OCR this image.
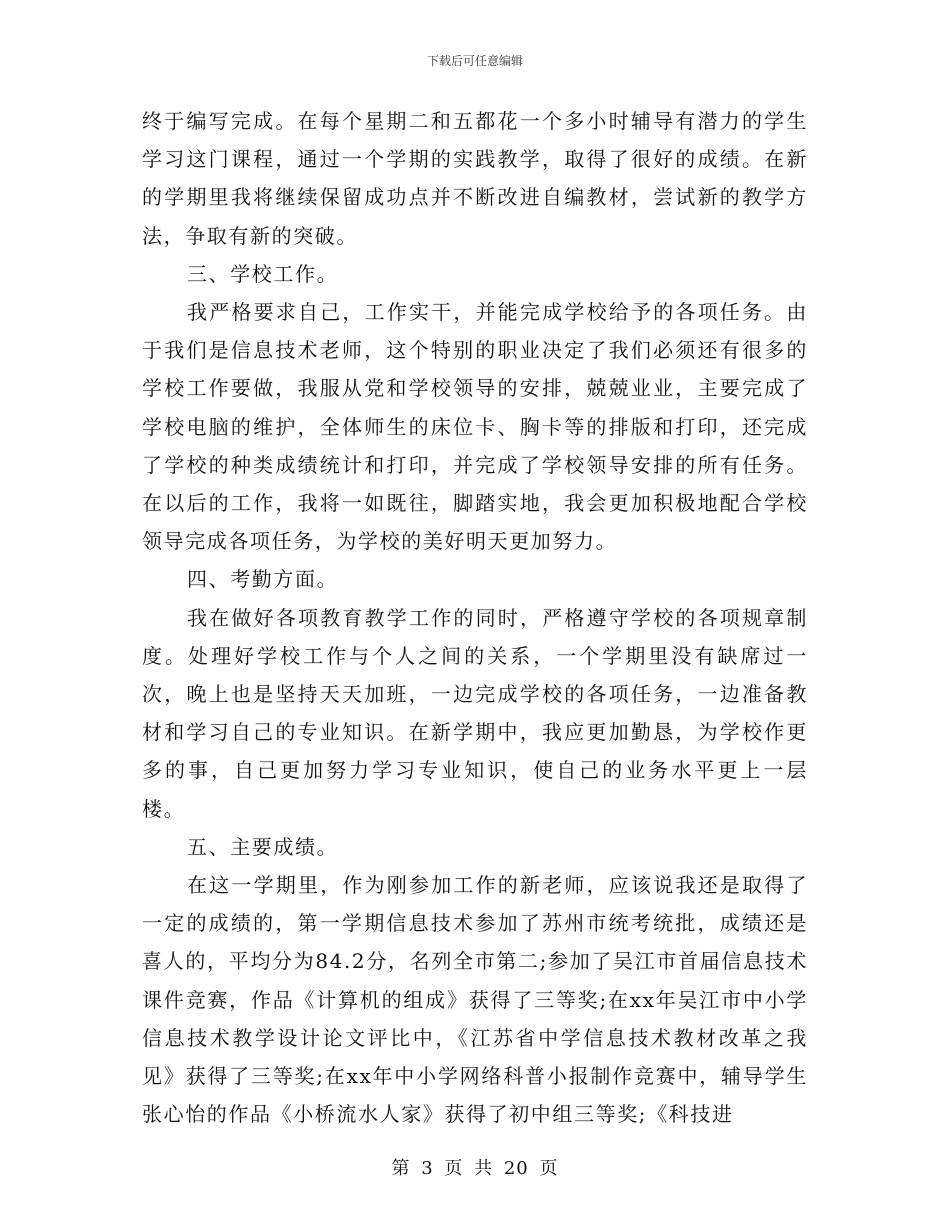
下载后可任意编辑

终于编写完成。在每个星期二和五都花一个多小时辅导有潜力的学生学习这门课程，通过一个学期的实践教学，取得了很好的成绩。在新的学期里我将继续保留成功点并不断改进自编教材，尝试新的教学方法，争取有新的突破。

三、学校工作。

我严格要求自己，工作实干，并能完成学校给予的各项任务。由于我们是信息技术老师，这个特别的职业决定了我们必须还有很多的学校工作要做，我服从党和学校领导的安排，兢兢业业，主要完成了学校电脑的维护，全体师生的床位卡、胸卡等的排版和打印，还完成了学校的种类成绩统计和打印，并完成了学校领导安排的所有任务。在以后的工作，我将一如既往，脚踏实地，我会更加积极地配合学校领导完成各项任务，为学校的美好明天更加努力。

四、考勤方面。

我在做好各项教育教学工作的同时，严格遵守学校的各项规章制度。处理好学校工作与个人之间的关系，一个学期里没有缺席过一次，晚上也是坚持天天加班，一边完成学校的各项任务，一边准备教材和学习自己的专业知识。在新学期中，我应更加勤恳，为学校作更多的事，自己更加努力学习专业知识，使自己的业务水平更上一层楼。

五、主要成绩。

在这一学期里，作为刚参加工作的新老师，应该说我还是取得了一定的成绩的，第一学期信息技术参加了苏州市统考统批，成绩还是喜人的，平均分为84.2分，名列全市第二;参加了吴江市首届信息技术课件竞赛，作品《计算机的组成》获得了三等奖;在xx年吴江市中小学信息技术教学设计论文评比中，《江苏省中学信息技术教材改革之我见》获得了三等奖;在xx年中小学网络科普小报制作竞赛中，辅导学生张心怡的作品《小桥流水人家》获得了初中组三等奖;《科技进

第 3 页 共 20 页
